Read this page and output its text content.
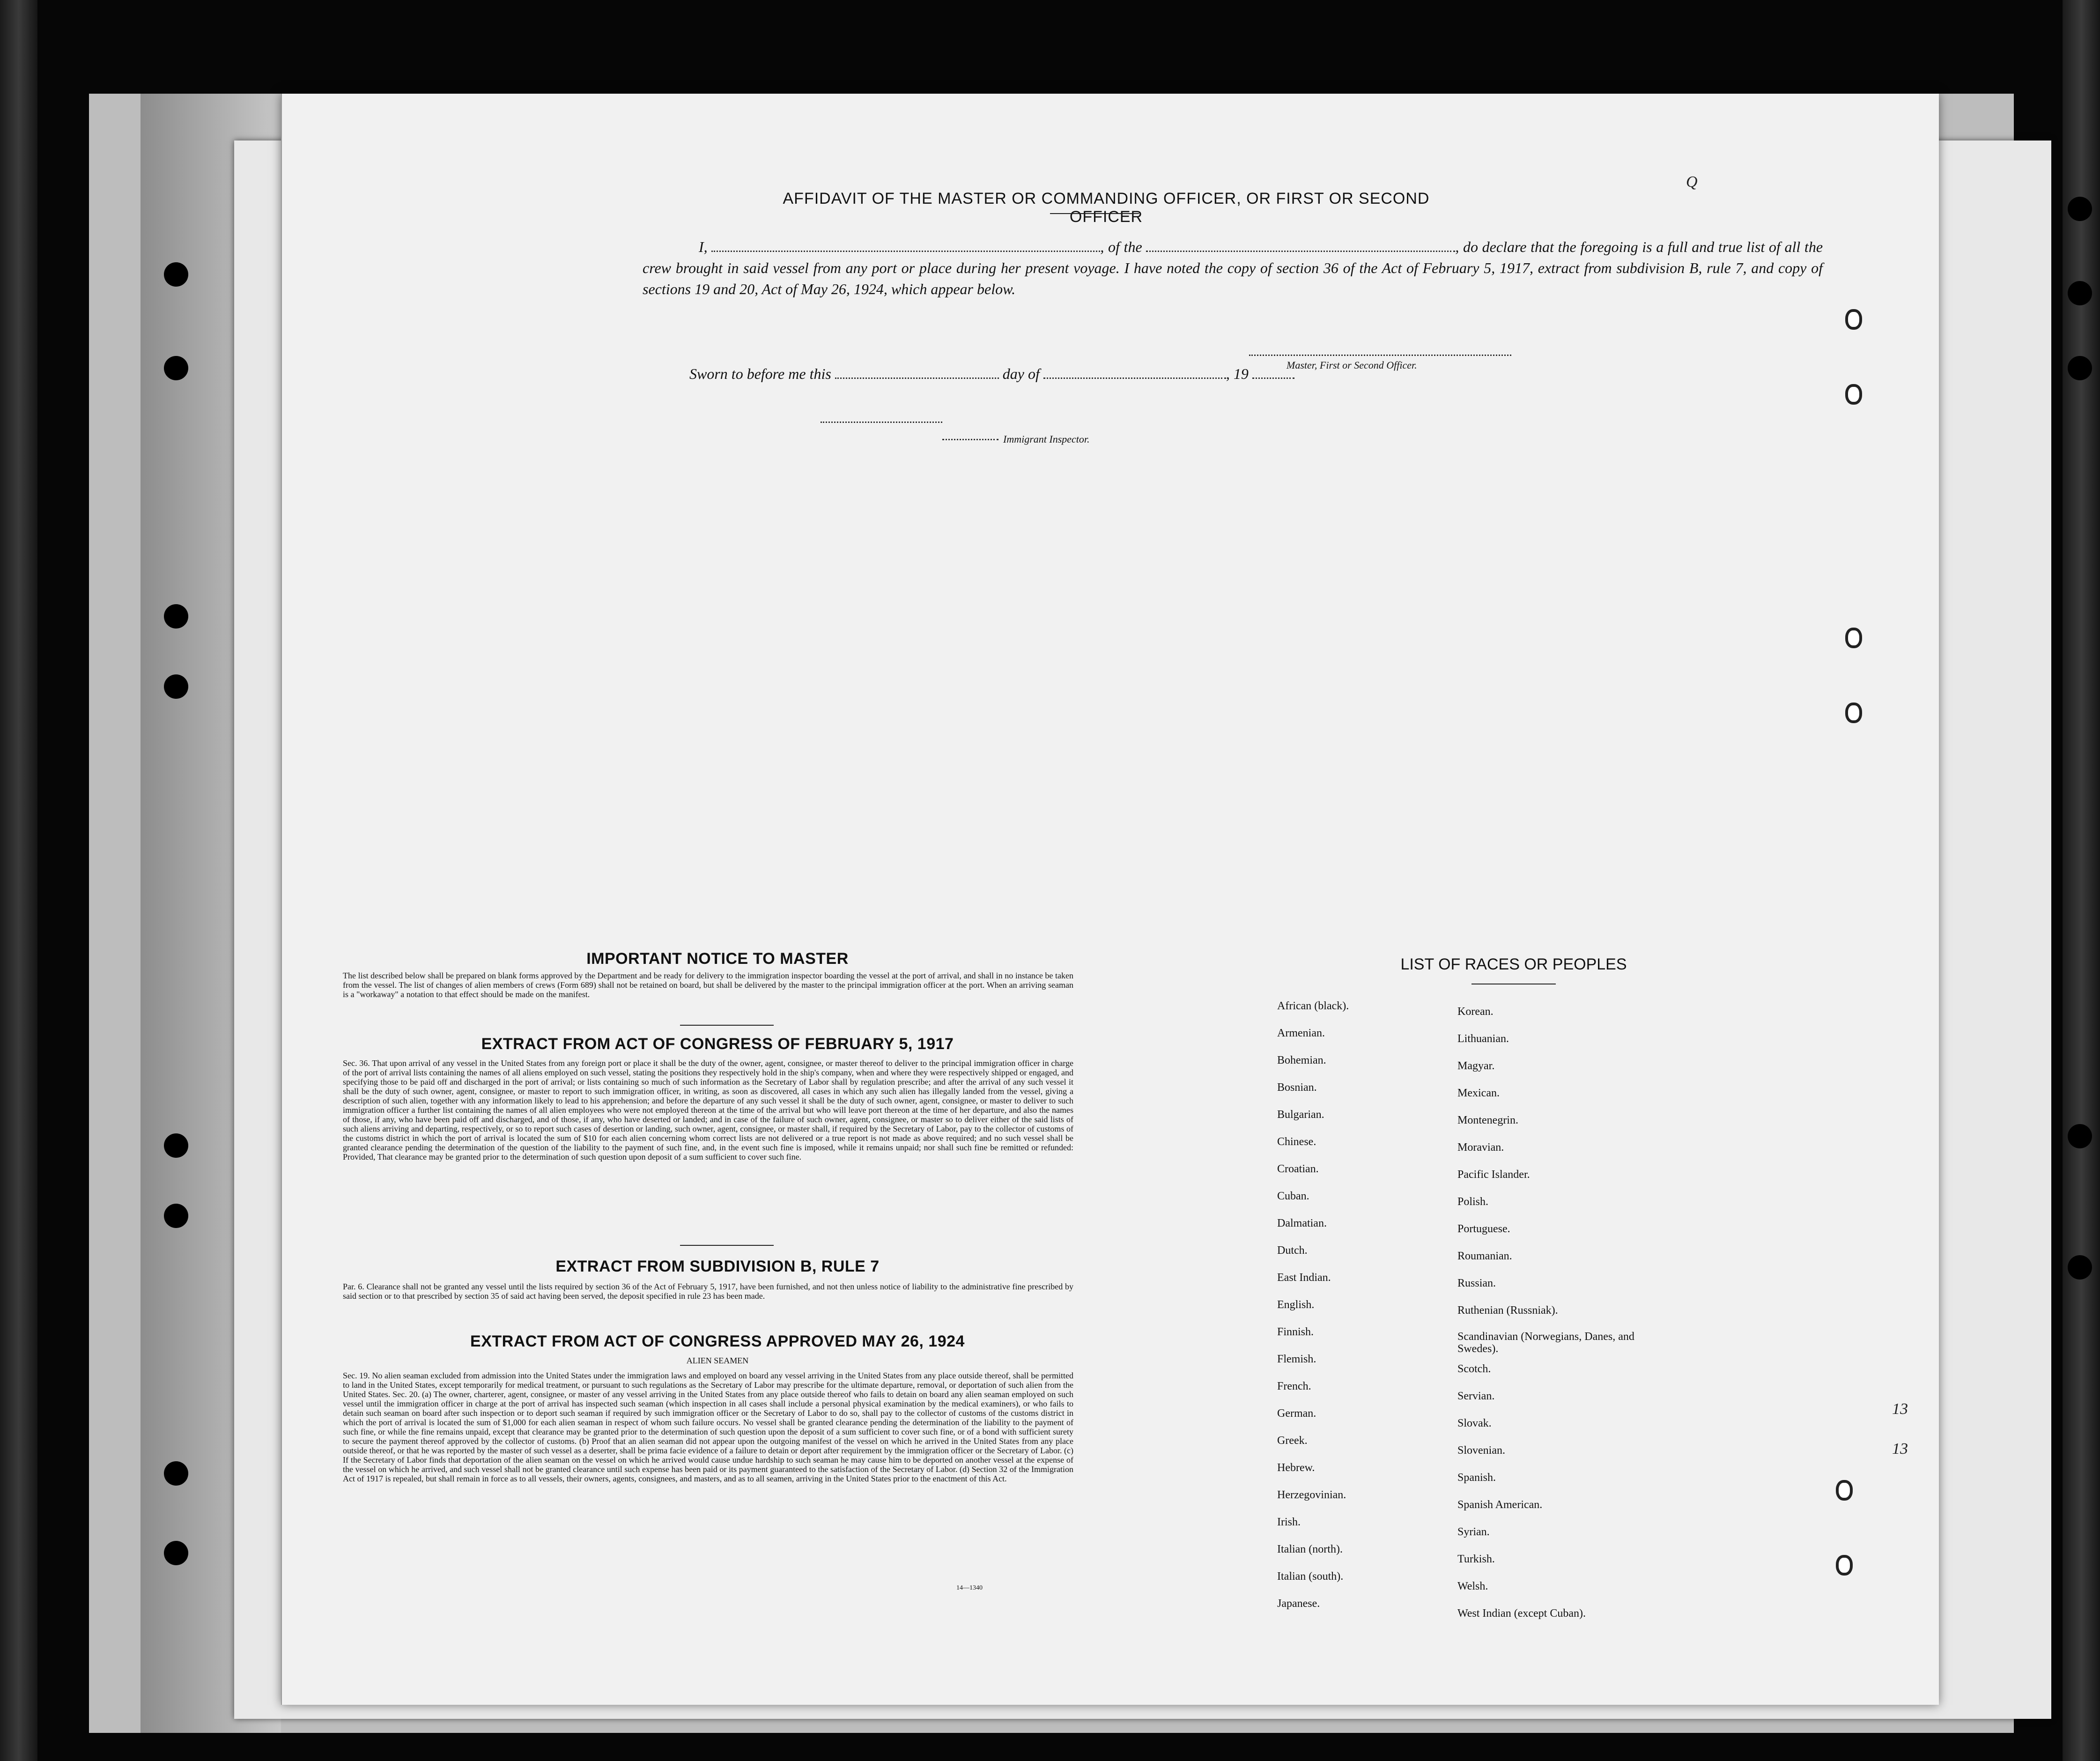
AFFIDAVIT OF THE MASTER OR COMMANDING OFFICER, OR FIRST OR SECOND OFFICER
I,	, of the	, do declare that the foregoing is a full and true list of all the crew brought in said vessel from any port or place during her present voyage. I have noted the copy of section 36 of the Act of February 5, 1917, extract from subdivision B, rule 7, and copy of sections 19 and 20, Act of May 26, 1924, which appear below.
Master, First or Second Officer.
Sworn to before me this	day of	, 19
Immigrant Inspector.
IMPORTANT NOTICE TO MASTER
The list described below shall be prepared on blank forms approved by the Department and be ready for delivery to the immigration inspector boarding the vessel at the port of arrival, and shall in no instance be taken from the vessel. The list of changes of alien members of crews (Form 689) shall not be retained on board, but shall be delivered by the master to the principal immigration officer at the port. When an arriving seaman is a "workaway" a notation to that effect should be made on the manifest.
EXTRACT FROM ACT OF CONGRESS OF FEBRUARY 5, 1917
Sec. 36. That upon arrival of any vessel in the United States from any foreign port or place it shall be the duty of the owner, agent, consignee, or master thereof to deliver to the principal immigration officer in charge of the port of arrival lists containing the names of all aliens employed on such vessel, stating the positions they respectively hold in the ship's company, when and where they were respectively shipped or engaged, and specifying those to be paid off and discharged in the port of arrival; or lists containing so much of such information as the Secretary of Labor shall by regulation prescribe; and after the arrival of any such vessel it shall be the duty of such owner, agent, consignee, or master to report to such immigration officer, in writing, as soon as discovered, all cases in which any such alien has illegally landed from the vessel, giving a description of such alien, together with any information likely to lead to his apprehension; and before the departure of any such vessel it shall be the duty of such owner, agent, consignee, or master to deliver to such immigration officer a further list containing the names of all alien employees who were not employed thereon at the time of the arrival but who will leave port thereon at the time of her departure, and also the names of those, if any, who have been paid off and discharged, and of those, if any, who have deserted or landed; and in case of the failure of such owner, agent, consignee, or master so to deliver either of the said lists of such aliens arriving and departing, respectively, or so to report such cases of desertion or landing, such owner, agent, consignee, or master shall, if required by the Secretary of Labor, pay to the collector of customs of the customs district in which the port of arrival is located the sum of $10 for each alien concerning whom correct lists are not delivered or a true report is not made as above required; and no such vessel shall be granted clearance pending the determination of the question of the liability to the payment of such fine, and, in the event such fine is imposed, while it remains unpaid; nor shall such fine be remitted or refunded: Provided, That clearance may be granted prior to the determination of such question upon deposit of a sum sufficient to cover such fine.
EXTRACT FROM SUBDIVISION B, RULE 7
Par. 6. Clearance shall not be granted any vessel until the lists required by section 36 of the Act of February 5, 1917, have been furnished, and not then unless notice of liability to the administrative fine prescribed by said section or to that prescribed by section 35 of said act having been served, the deposit specified in rule 23 has been made.
EXTRACT FROM ACT OF CONGRESS APPROVED MAY 26, 1924
ALIEN SEAMEN
Sec. 19. No alien seaman excluded from admission into the United States under the immigration laws and employed on board any vessel arriving in the United States from any place outside thereof, shall be permitted to land in the United States, except temporarily for medical treatment, or pursuant to such regulations as the Secretary of Labor may prescribe for the ultimate departure, removal, or deportation of such alien from the United States. Sec. 20. (a) The owner, charterer, agent, consignee, or master of any vessel arriving in the United States from any place outside thereof who fails to detain on board any alien seaman employed on such vessel until the immigration officer in charge at the port of arrival has inspected such seaman (which inspection in all cases shall include a personal physical examination by the medical examiners), or who fails to detain such seaman on board after such inspection or to deport such seaman if required by such immigration officer or the Secretary of Labor to do so, shall pay to the collector of customs of the customs district in which the port of arrival is located the sum of $1,000 for each alien seaman in respect of whom such failure occurs. No vessel shall be granted clearance pending the determination of the liability to the payment of such fine, or while the fine remains unpaid, except that clearance may be granted prior to the determination of such question upon the deposit of a sum sufficient to cover such fine, or of a bond with sufficient surety to secure the payment thereof approved by the collector of customs. (b) Proof that an alien seaman did not appear upon the outgoing manifest of the vessel on which he arrived in the United States from any place outside thereof, or that he was reported by the master of such vessel as a deserter, shall be prima facie evidence of a failure to detain or deport after requirement by the immigration officer or the Secretary of Labor. (c) If the Secretary of Labor finds that deportation of the alien seaman on the vessel on which he arrived would cause undue hardship to such seaman he may cause him to be deported on another vessel at the expense of the vessel on which he arrived, and such vessel shall not be granted clearance until such expense has been paid or its payment guaranteed to the satisfaction of the Secretary of Labor. (d) Section 32 of the Immigration Act of 1917 is repealed, but shall remain in force as to all vessels, their owners, agents, consignees, and masters, and as to all seamen, arriving in the United States prior to the enactment of this Act.
14—1340
LIST OF RACES OR PEOPLES
African (black).
Armenian.
Bohemian.
Bosnian.
Bulgarian.
Chinese.
Croatian.
Cuban.
Dalmatian.
Dutch.
East Indian.
English.
Finnish.
Flemish.
French.
German.
Greek.
Hebrew.
Herzegovinian.
Irish.
Italian (north).
Italian (south).
Japanese.
Korean.
Lithuanian.
Magyar.
Mexican.
Montenegrin.
Moravian.
Pacific Islander.
Polish.
Portuguese.
Roumanian.
Russian.
Ruthenian (Russniak).
Scandinavian (Norwegians, Danes, and Swedes).
Scotch.
Servian.
Slovak.
Slovenian.
Spanish.
Spanish American.
Syrian.
Turkish.
Welsh.
West Indian (except Cuban).
Q
13
13
